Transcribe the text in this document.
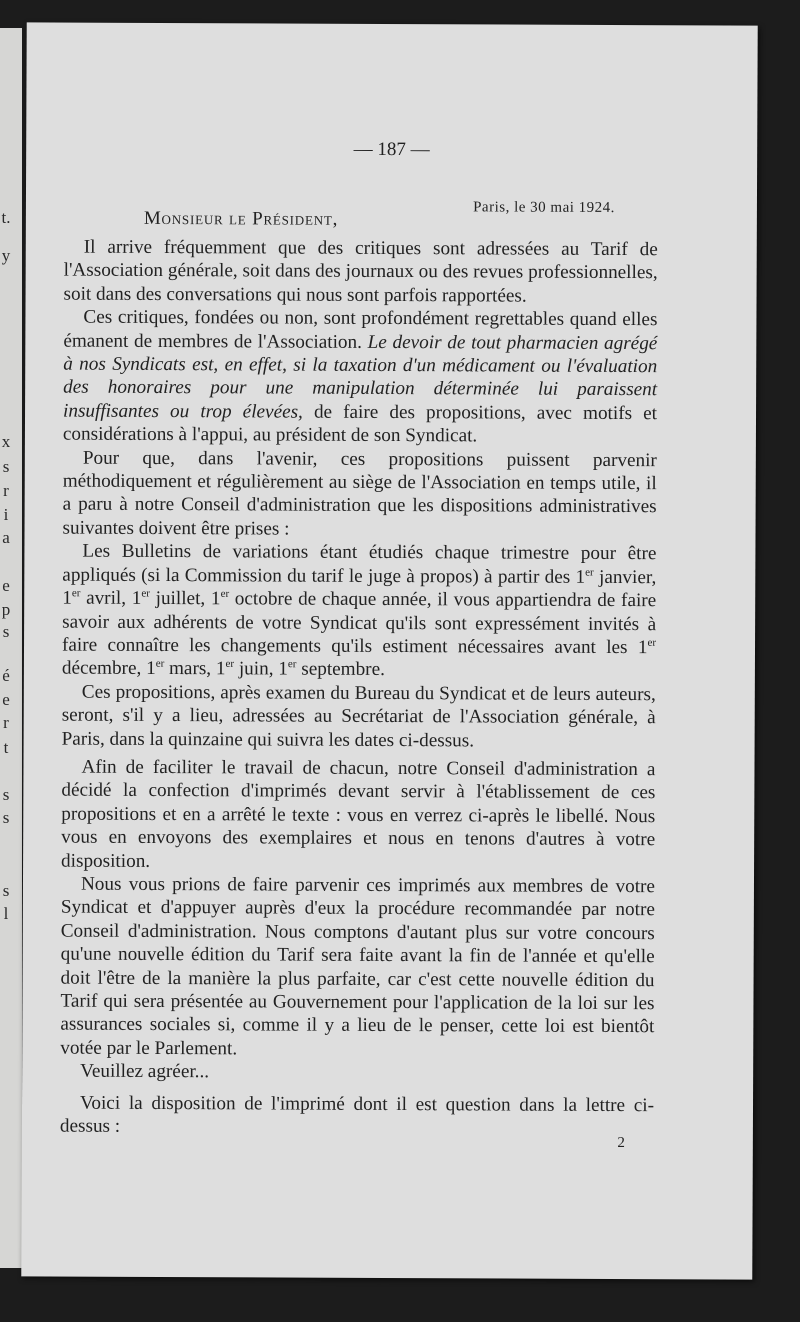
t.
y
x
s
r
i
a
e
p
s
é
e
r
t
s
s
s
l
— 187 —
Paris, le 30 mai 1924.
Monsieur le Président,

Il arrive fréquemment que des critiques sont adressées au Tarif de l'Association générale, soit dans des journaux ou des revues professionnelles, soit dans des conversations qui nous sont parfois rapportées.

Ces critiques, fondées ou non, sont profondément regrettables quand elles émanent de membres de l'Association. Le devoir de tout pharmacien agrégé à nos Syndicats est, en effet, si la taxation d'un médicament ou l'évaluation des honoraires pour une manipulation déterminée lui paraissent insuffisantes ou trop élevées, de faire des propositions, avec motifs et considérations à l'appui, au président de son Syndicat.

Pour que, dans l'avenir, ces propositions puissent parvenir méthodiquement et régulièrement au siège de l'Association en temps utile, il a paru à notre Conseil d'administration que les dispositions administratives suivantes doivent être prises :

Les Bulletins de variations étant étudiés chaque trimestre pour être appliqués (si la Commission du tarif le juge à propos) à partir des 1er janvier, 1er avril, 1er juillet, 1er octobre de chaque année, il vous appartiendra de faire savoir aux adhérents de votre Syndicat qu'ils sont expressément invités à faire connaître les changements qu'ils estiment nécessaires avant les 1er décembre, 1er mars, 1er juin, 1er septembre.

Ces propositions, après examen du Bureau du Syndicat et de leurs auteurs, seront, s'il y a lieu, adressées au Secrétariat de l'Association générale, à Paris, dans la quinzaine qui suivra les dates ci-dessus.

Afin de faciliter le travail de chacun, notre Conseil d'administration a décidé la confection d'imprimés devant servir à l'établissement de ces propositions et en a arrêté le texte : vous en verrez ci-après le libellé. Nous vous en envoyons des exemplaires et nous en tenons d'autres à votre disposition.

Nous vous prions de faire parvenir ces imprimés aux membres de votre Syndicat et d'appuyer auprès d'eux la procédure recommandée par notre Conseil d'administration. Nous comptons d'autant plus sur votre concours qu'une nouvelle édition du Tarif sera faite avant la fin de l'année et qu'elle doit l'être de la manière la plus parfaite, car c'est cette nouvelle édition du Tarif qui sera présentée au Gouvernement pour l'application de la loi sur les assurances sociales si, comme il y a lieu de le penser, cette loi est bientôt votée par le Parlement.

Veuillez agréer...

Voici la disposition de l'imprimé dont il est question dans la lettre ci-dessus :

2
